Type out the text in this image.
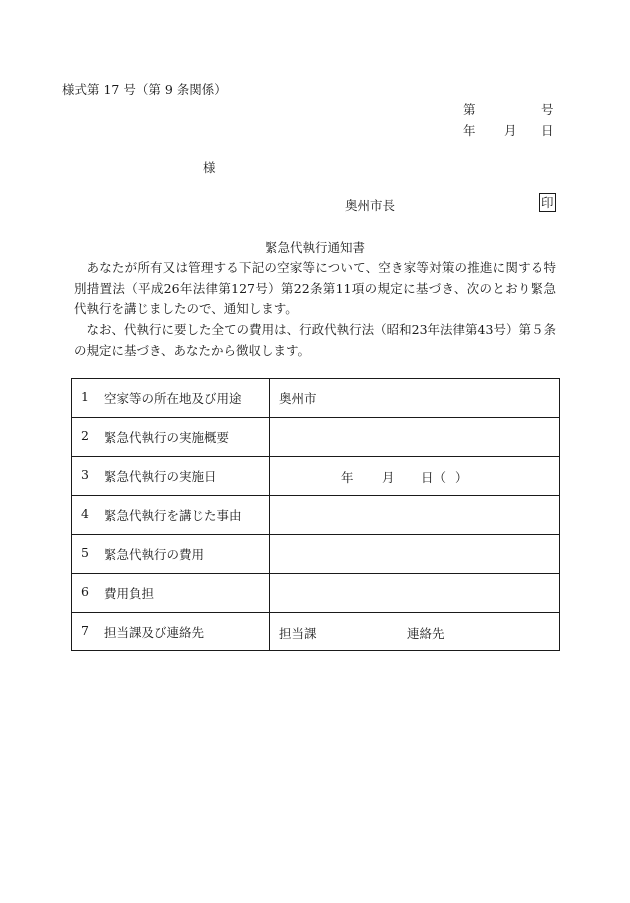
様式第 17 号（第 9 条関係）
第	号
年 月 日
様
奥州市長	印
緊急代執行通知書
あなたが所有又は管理する下記の空家等について、空き家等対策の推進に関する特別措置法（平成26年法律第127号）第22条第11項の規定に基づき、次のとおり緊急代執行を講じましたので、通知します。
なお、代執行に要した全ての費用は、行政代執行法（昭和23年法律第43号）第５条の規定に基づき、あなたから徴収します。
1 空家等の所在地及び用途	奥州市

2 緊急代執行の実施概要	

3 緊急代執行の実施日	年 月 日（ ）

4 緊急代執行を講じた事由	

5 緊急代執行の費用	

6 費用負担	

7 担当課及び連絡先	担当課 連絡先
